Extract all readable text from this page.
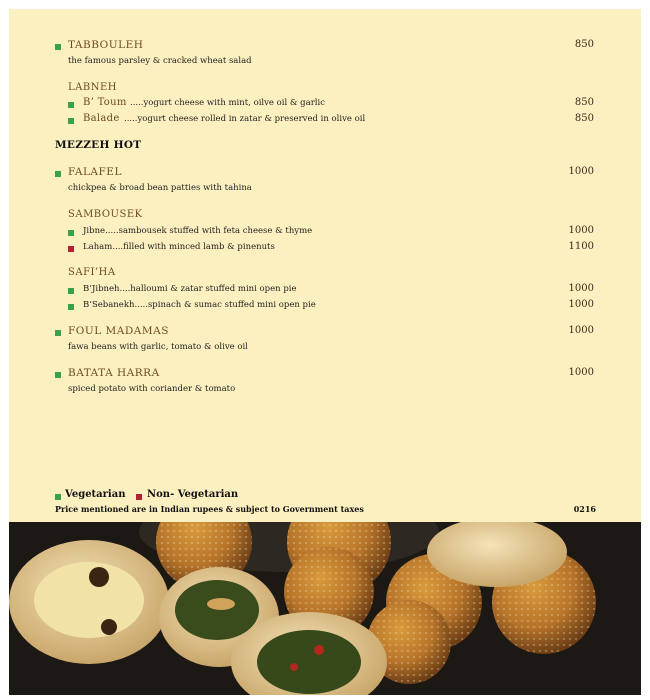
TABBOULEH	850
the famous parsley & cracked wheat salad
LABNEH
B’ Toum .....yogurt cheese with mint, oilve oil & garlic	850
Balade .....yogurt cheese rolled in zatar & preserved in olive oil	850
MEZZEH HOT
FALAFEL	1000
chickpea & broad bean patties with tahina
SAMBOUSEK
Jibne.....sambousek stuffed with feta cheese & thyme	1000
Laham....filled with minced lamb & pinenuts	1100
SAFI’HA
B’Jibneh....halloumi & zatar stuffed mini open pie	1000
B’Sebanekh.....spinach & sumac stuffed mini open pie	1000
FOUL MADAMAS	1000
fawa beans with garlic, tomato & olive oil
BATATA HARRA	1000
spiced potato with coriander & tomato
Vegetarian Non- Vegetarian
Price mentioned are in Indian rupees & subject to Government taxes	0216
